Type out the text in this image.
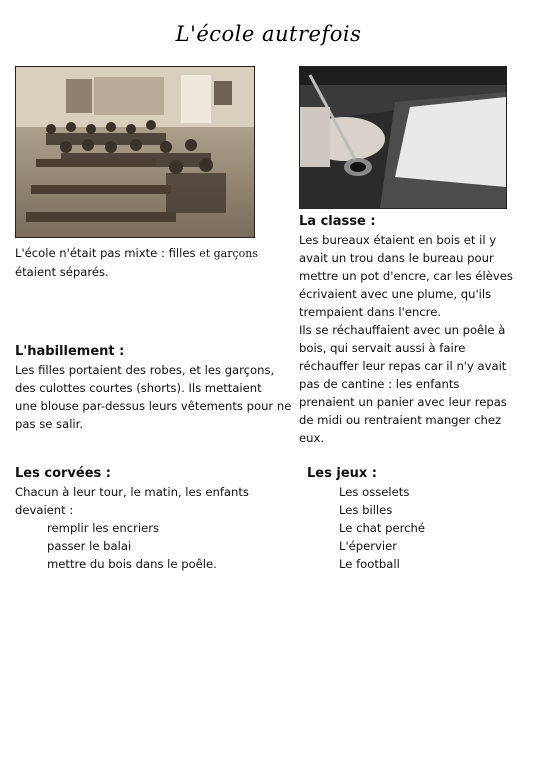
L'école autrefois

L'école n'était pas mixte : filles et garçons
étaient séparés.

L'habillement :

Les filles portaient des robes, et les garçons,

des culottes courtes (shorts). Ils mettaient

une blouse par-dessus leurs vêtements pour ne

pas se salir.

La classe :

Les bureaux étaient en bois et il y

avait un trou dans le bureau pour

mettre un pot d'encre, car les élèves

écrivaient avec une plume, qu'ils

trempaient dans l'encre.

Ils se réchauffaient avec un poêle à

bois, qui servait aussi à faire

réchauffer leur repas car il n'y avait

pas de cantine : les enfants

prenaient un panier avec leur repas

de midi ou rentraient manger chez

eux.

Les corvées :

Chacun à leur tour, le matin, les enfants

devaient :

remplir les encriers
passer le balai
mettre du bois dans le poêle.

Les jeux :

Les osselets
Les billes
Le chat perché
L'épervier
Le football
